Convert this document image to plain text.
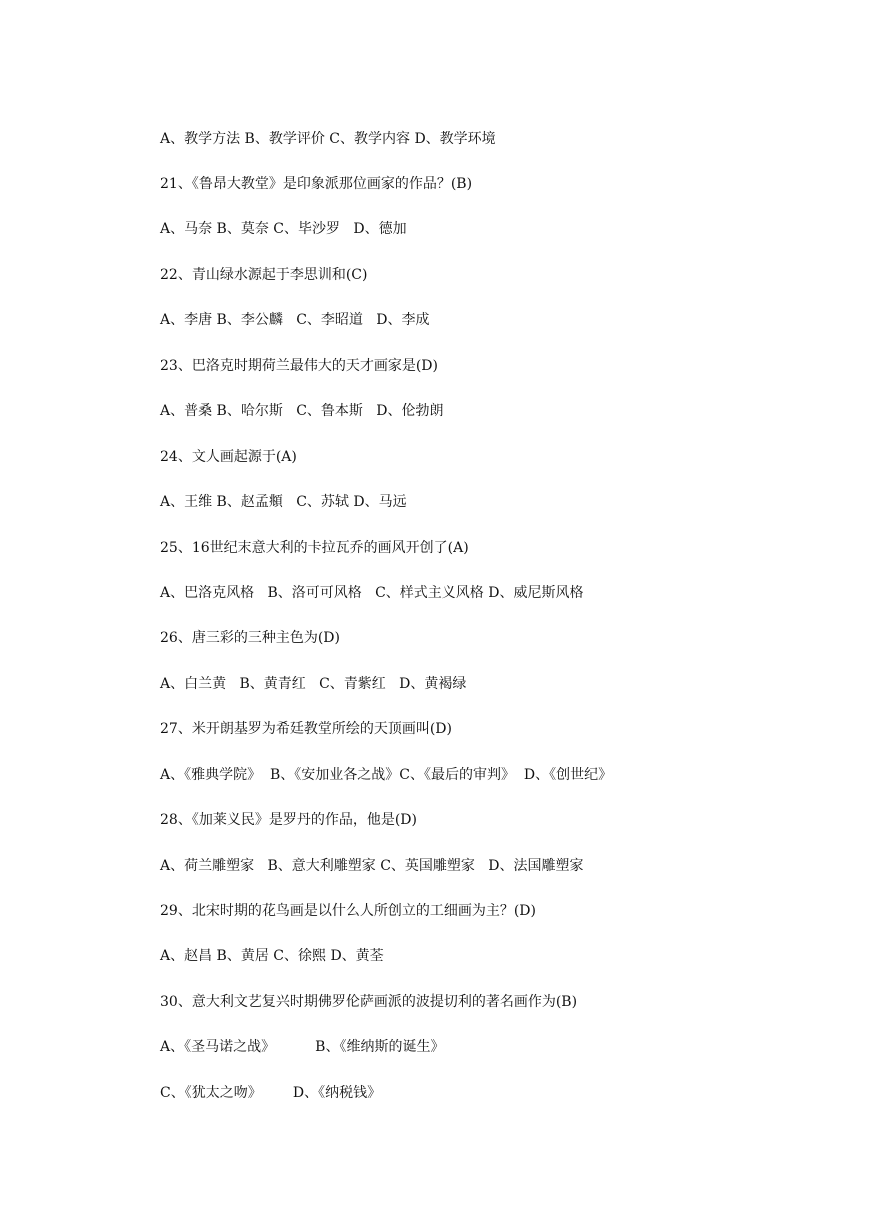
A、教学方法 B、教学评价 C、教学内容 D、教学环境
21、《鲁昂大教堂》是印象派那位画家的作品？(B)
A、马奈 B、莫奈 C、毕沙罗   D、德加
22、青山绿水源起于李思训和(C)
A、李唐 B、李公麟   C、李昭道   D、李成
23、巴洛克时期荷兰最伟大的天才画家是(D)
A、普桑 B、哈尔斯   C、鲁本斯   D、伦勃朗
24、文人画起源于(A)
A、王维 B、赵孟頫   C、苏轼 D、马远
25、16世纪末意大利的卡拉瓦乔的画风开创了(A)
A、巴洛克风格   B、洛可可风格   C、样式主义风格 D、威尼斯风格
26、唐三彩的三种主色为(D)
A、白兰黄   B、黄青红   C、青紫红   D、黄褐绿
27、米开朗基罗为希廷教堂所绘的天顶画叫(D)
A、《雅典学院》  B、《安加业各之战》C、《最后的审判》  D、《创世纪》
28、《加莱义民》是罗丹的作品，他是(D)
A、荷兰雕塑家   B、意大利雕塑家 C、英国雕塑家   D、法国雕塑家
29、北宋时期的花鸟画是以什么人所创立的工细画为主？(D)
A、赵昌 B、黄居 C、徐熙 D、黄荃
30、意大利文艺复兴时期佛罗伦萨画派的波提切利的著名画作为(B)
A、《圣马诺之战》         B、《维纳斯的诞生》
C、《犹太之吻》       D、《纳税钱》
